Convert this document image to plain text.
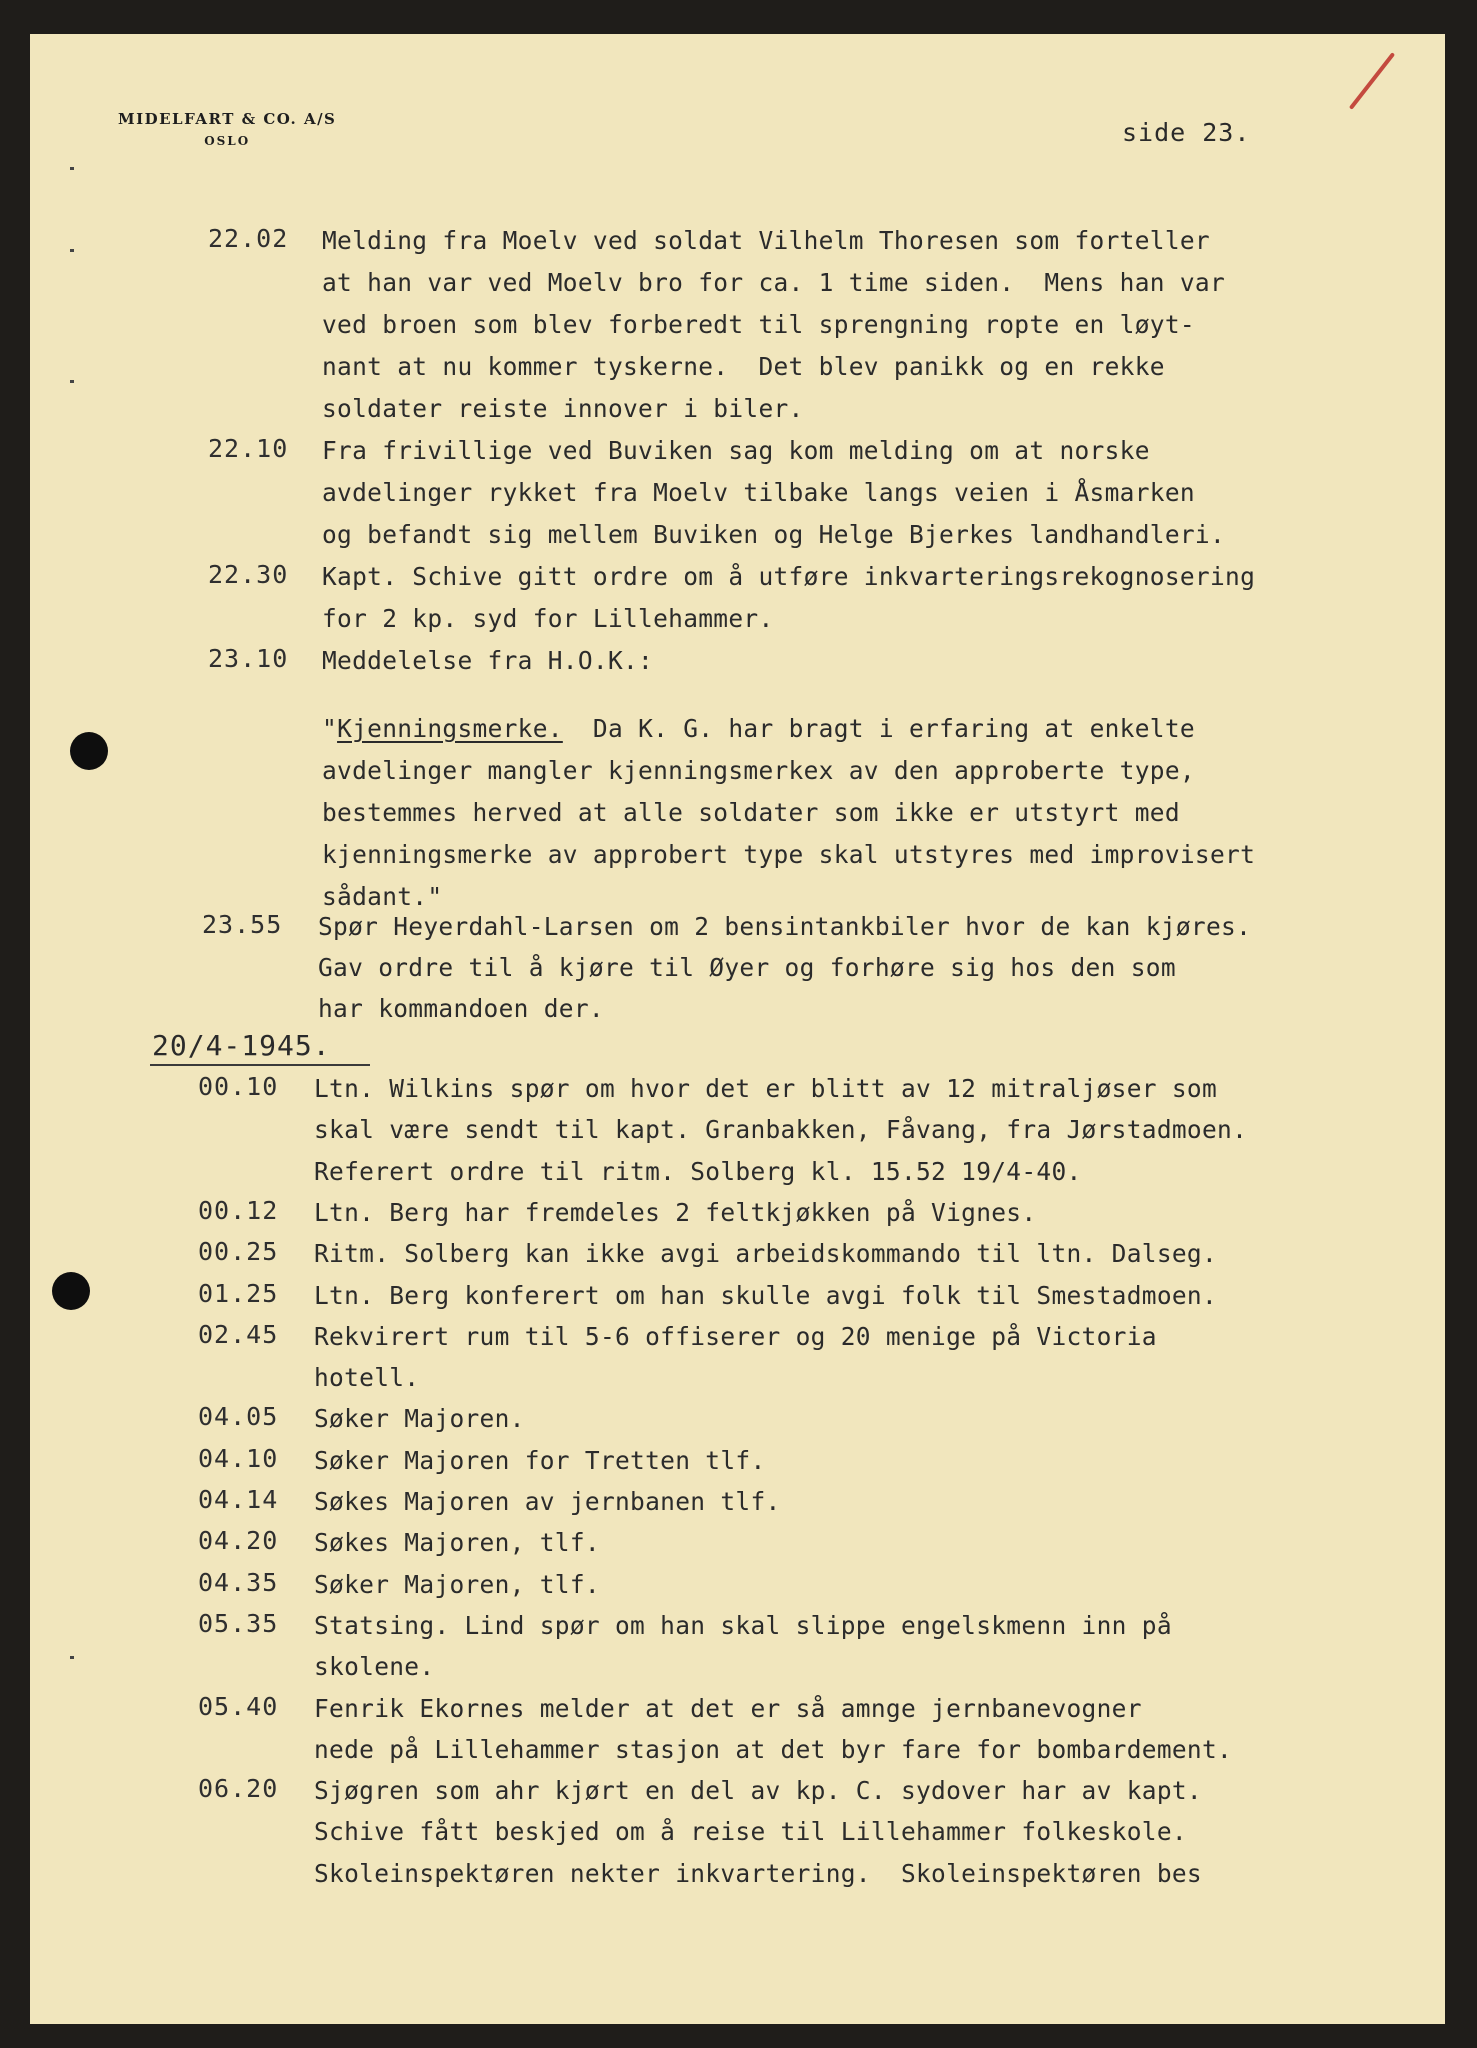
MIDELFART & CO. A/S
OSLO	side 23.
22.02 Melding fra Moelv ved soldat Vilhelm Thoresen som forteller
at han var ved Moelv bro for ca. 1 time siden.  Mens han var
ved broen som blev forberedt til sprengning ropte en løyt-
nant at nu kommer tyskerne.  Det blev panikk og en rekke
soldater reiste innover i biler.
22.10 Fra frivillige ved Buviken sag kom melding om at norske
avdelinger rykket fra Moelv tilbake langs veien i Åsmarken
og befandt sig mellem Buviken og Helge Bjerkes landhandleri.
22.30 Kapt. Schive gitt ordre om å utføre inkvarteringsrekognosering
for 2 kp. syd for Lillehammer.
23.10 Meddelelse fra H.O.K.:
"Kjenningsmerke.  Da K. G. har bragt i erfaring at enkelte
avdelinger mangler kjenningsmerkex av den approberte type,
bestemmes herved at alle soldater som ikke er utstyrt med
kjenningsmerke av approbert type skal utstyres med improvisert
sådant."
23.55 Spør Heyerdahl-Larsen om 2 bensintankbiler hvor de kan kjøres.
Gav ordre til å kjøre til Øyer og forhøre sig hos den som
har kommandoen der.
00.10 Ltn. Wilkins spør om hvor det er blitt av 12 mitraljøser som
skal være sendt til kapt. Granbakken, Fåvang, fra Jørstadmoen.
Referert ordre til ritm. Solberg kl. 15.52 19/4-40.
00.12 Ltn. Berg har fremdeles 2 feltkjøkken på Vignes.
00.25 Ritm. Solberg kan ikke avgi arbeidskommando til ltn. Dalseg.
01.25 Ltn. Berg konferert om han skulle avgi folk til Smestadmoen.
02.45 Rekvirert rum til 5-6 offiserer og 20 menige på Victoria
hotell.
04.05 Søker Majoren.
04.10 Søker Majoren for Tretten tlf.
04.14 Søkes Majoren av jernbanen tlf.
04.20 Søkes Majoren, tlf.
04.35 Søker Majoren, tlf.
05.35 Statsing. Lind spør om han skal slippe engelskmenn inn på
skolene.
05.40 Fenrik Ekornes melder at det er så amnge jernbanevogner
nede på Lillehammer stasjon at det byr fare for bombardement.
06.20 Sjøgren som ahr kjørt en del av kp. C. sydover har av kapt.
Schive fått beskjed om å reise til Lillehammer folkeskole.
Skoleinspektøren nekter inkvartering.  Skoleinspektøren bes
20/4-1945.
